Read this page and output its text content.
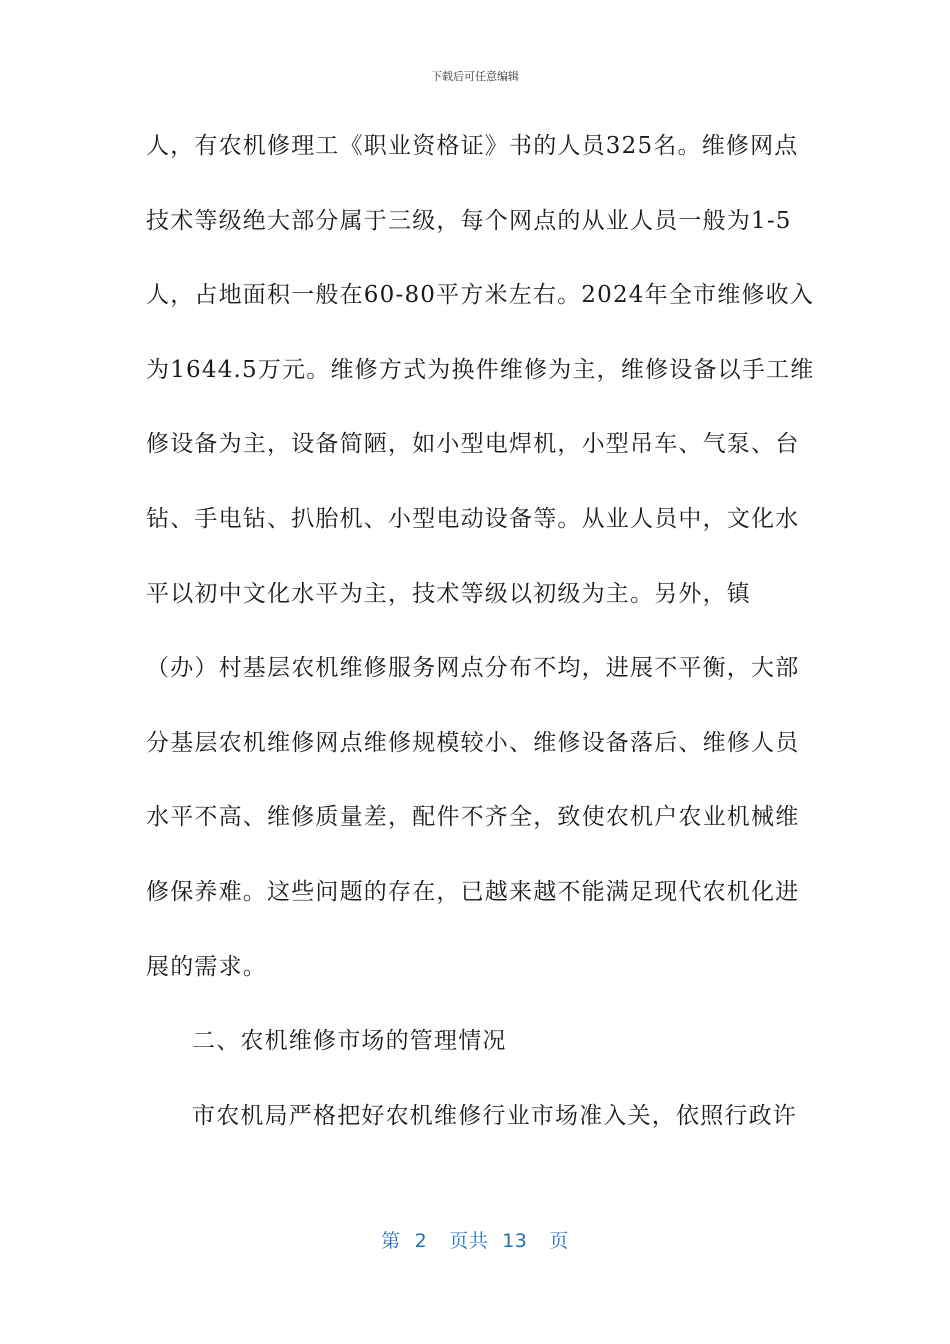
下载后可任意编辑
人，有农机修理工《职业资格证》书的人员325名。维修网点
技术等级绝大部分属于三级，每个网点的从业人员一般为1-5
人，占地面积一般在60-80平方米左右。2024年全市维修收入
为1644.5万元。维修方式为换件维修为主，维修设备以手工维
修设备为主，设备简陋，如小型电焊机，小型吊车、气泵、台
钻、手电钻、扒胎机、小型电动设备等。从业人员中，文化水
平以初中文化水平为主，技术等级以初级为主。另外，镇
（办）村基层农机维修服务网点分布不均，进展不平衡，大部
分基层农机维修网点维修规模较小、维修设备落后、维修人员
水平不高、维修质量差，配件不齐全，致使农机户农业机械维
修保养难。这些问题的存在，已越来越不能满足现代农机化进
展的需求。
二、农机维修市场的管理情况
市农机局严格把好农机维修行业市场准入关，依照行政许
第 2 页共 13 页
